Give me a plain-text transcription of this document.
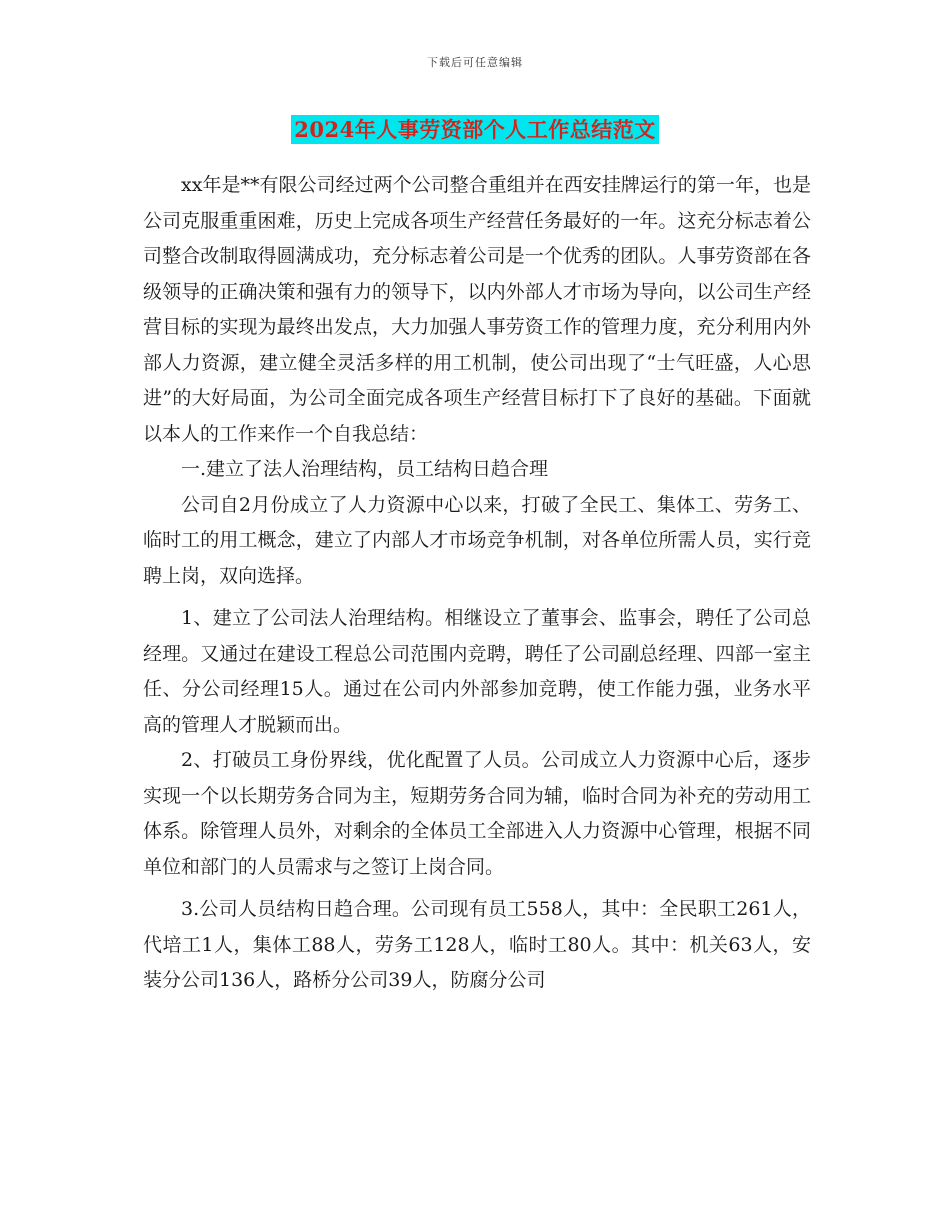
下载后可任意编辑
2024年人事劳资部个人工作总结范文

xx年是**有限公司经过两个公司整合重组并在西安挂牌运行的第一年，也是公司克服重重困难，历史上完成各项生产经营任务最好的一年。这充分标志着公司整合改制取得圆满成功，充分标志着公司是一个优秀的团队。人事劳资部在各级领导的正确决策和强有力的领导下，以内外部人才市场为导向，以公司生产经营目标的实现为最终出发点，大力加强人事劳资工作的管理力度，充分利用内外部人力资源，建立健全灵活多样的用工机制，使公司出现了“士气旺盛，人心思进”的大好局面，为公司全面完成各项生产经营目标打下了良好的基础。下面就以本人的工作来作一个自我总结：

一.建立了法人治理结构，员工结构日趋合理

公司自2月份成立了人力资源中心以来，打破了全民工、集体工、劳务工、临时工的用工概念，建立了内部人才市场竞争机制，对各单位所需人员，实行竞聘上岗，双向选择。

1、建立了公司法人治理结构。相继设立了董事会、监事会，聘任了公司总经理。又通过在建设工程总公司范围内竞聘，聘任了公司副总经理、四部一室主任、分公司经理15人。通过在公司内外部参加竞聘，使工作能力强，业务水平高的管理人才脱颖而出。

2、打破员工身份界线，优化配置了人员。公司成立人力资源中心后，逐步实现一个以长期劳务合同为主，短期劳务合同为辅，临时合同为补充的劳动用工体系。除管理人员外，对剩余的全体员工全部进入人力资源中心管理，根据不同单位和部门的人员需求与之签订上岗合同。

3.公司人员结构日趋合理。公司现有员工558人，其中：全民职工261人，代培工1人，集体工88人，劳务工128人，临时工80人。其中：机关63人，安装分公司136人，路桥分公司39人，防腐分公司
